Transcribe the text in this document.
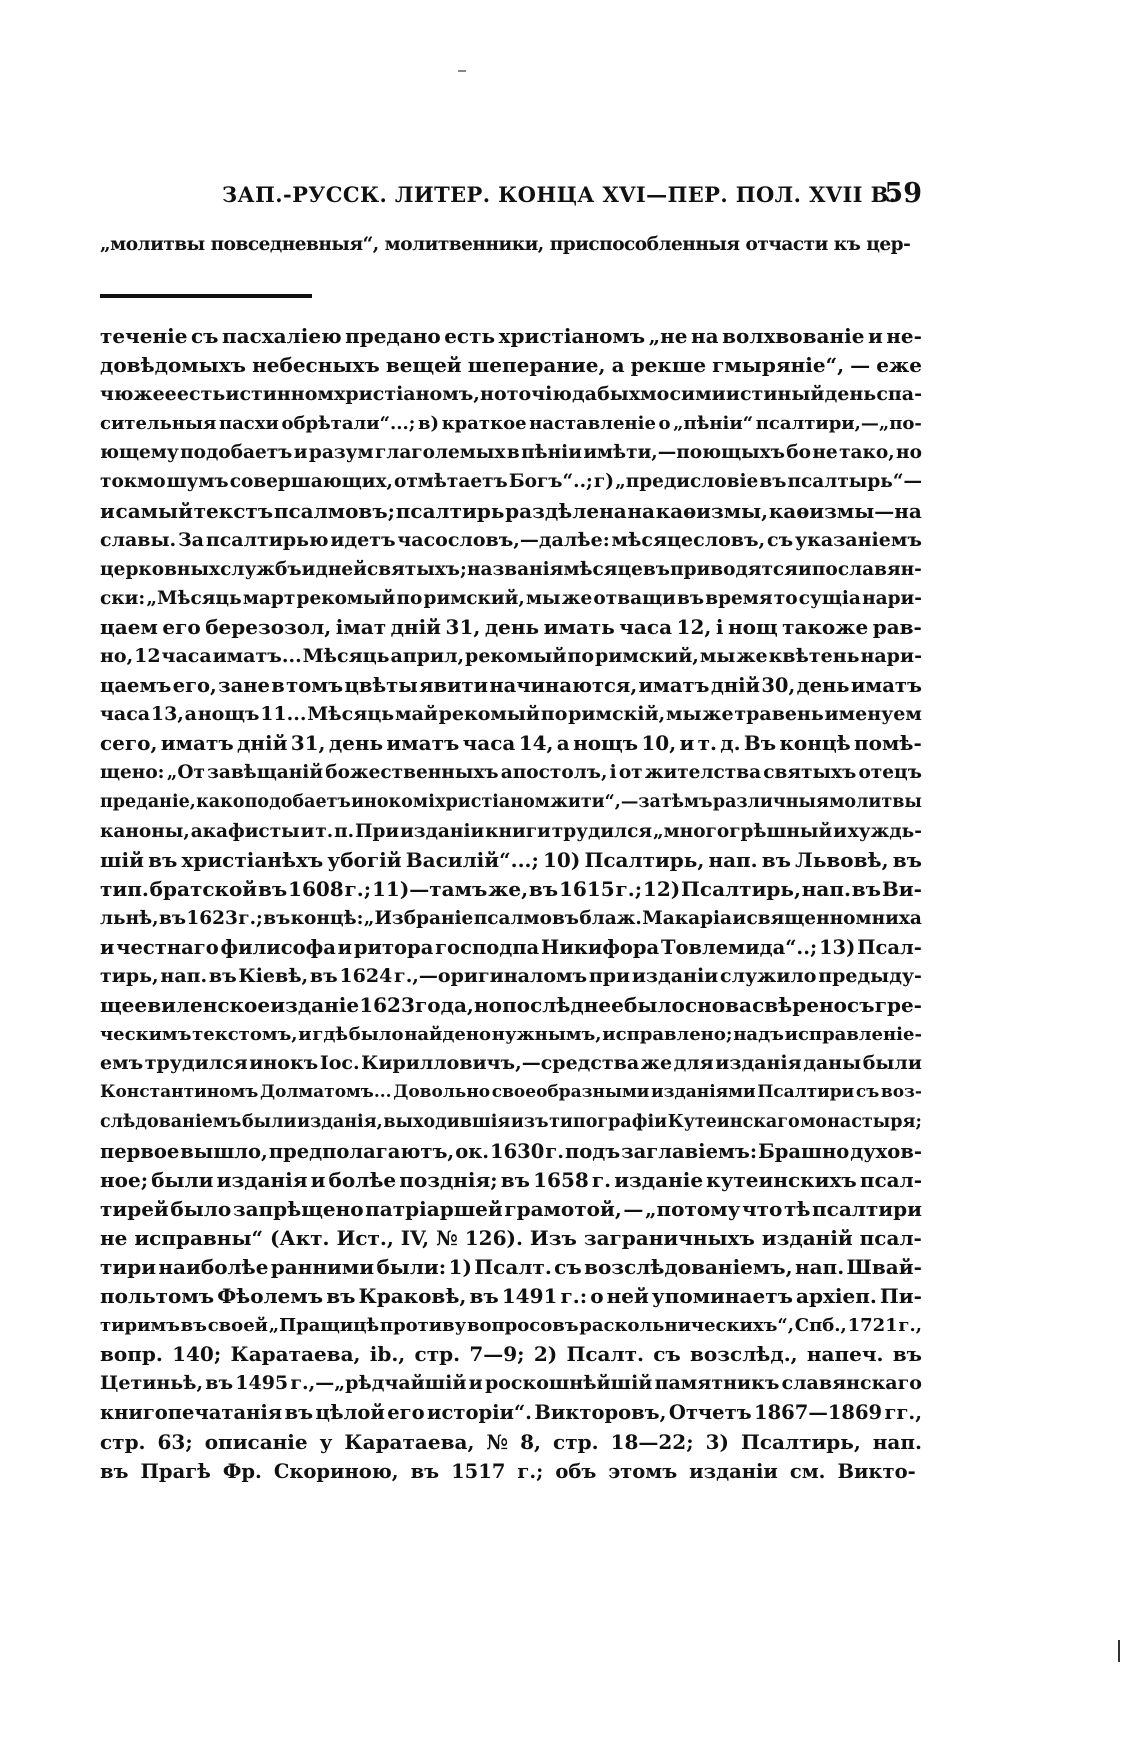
ЗАП.-РУССК. ЛИТЕР. КОНЦА XVI—ПЕР. ПОЛ. XVII В.
59
„молитвы повседневныя“, молитвенники, приспособленныя отчасти къ цер-
теченіе съ пасхаліею предано есть христіаномъ „не на волхвованіе и не-
довѣдомыхъ небесныхъ вещей шеперание, а рекше гмыряніе“, — еже
чюжее есть истинном христіаномъ, но точію да быхмо сими истиный день спа-
сительныя пасхи обрѣтали“...; в) краткое наставленіе о „пѣніи“ псалтири,—„по-
ющему подобаетъ и разум глаголемых в пѣніи имѣти,—поющыхъ бо не тако, но
токмо шумъ совершающих, отмѣтаетъ Богъ“..; г) „предисловіе въ псалтырь“—
и самый текстъ псалмовъ; псалтирь раздѣлена на каѳизмы, каѳизмы—на
славы. За псалтирью идетъ часословъ,—далѣе: мѣсяцесловъ, съ указаніемъ
церковных службъ и дней святыхъ; названія мѣсяцевъ приводятся и по славян-
ски: „Мѣсяць март рекомый по римский, мы же отващи въ время то сущіа нари-
цаем его березозол, імат дній 31, день имать часа 12, і нощ такоже рав-
но, 12 часа иматъ... Мѣсяць април, рекомый по римский, мы же квѣтень нари-
цаемъ его, зане в томъ цвѣты явити начинаются, иматъ дній 30, день иматъ
часа 13, а нощъ 11... Мѣсяць май рекомый по римскій, мы же травень именуем
сего, иматъ дній 31, день иматъ часа 14, а нощъ 10, и т. д. Въ концѣ помѣ-
щено: „От завѣщаній божественныхъ апостолъ, і от жителства святыхъ отецъ
преданіе, како подобаетъ иноком і христіаном жити“,—затѣмъ различныя молитвы
каноны, акафисты и т. п. При изданіи книги трудился „многогрѣшный и хуждь-
шій въ христіанѣхъ убогій Василій“...; 10) Псалтирь, нап. въ Львовѣ, въ
тип. братской въ 1608 г.; 11)—тамъ же, въ 1615 г.; 12) Псалтирь, нап. въ Ви-
льнѣ, въ 1623 г.; въ концѣ: „Избраніе псалмовъ блаж. Макаріа и священномниха
и честнаго филисофа и ритора господпа Никифора Товлемида“..; 13) Псал-
тирь, нап. въ Кіевѣ, въ 1624 г.,—оригиналомъ при изданіи служило предыду-
щее виленское изданіе 1623 года, но послѣднее было снова свѣрено съ гре-
ческимъ текстомъ, и гдѣ было найдено нужнымъ, исправлено; надъ исправленіе-
емъ трудился инокъ Іос. Кирилловичъ,—средства же для изданія даны были
Константиномъ Долматомъ... Довольно своеобразными изданіями Псалтири съ воз-
слѣдованіемъ были изданія, выходившія изъ типографіи Кутеинскаго монастыря;
первое вышло, предполагаютъ, ок. 1630 г. подъ заглавіемъ: Брашно духов-
ное; были изданія и болѣе позднія; въ 1658 г. изданіе кутеинскихъ псал-
тирей было запрѣщено патріаршей грамотой, — „потому что тѣ псалтири
не исправны“ (Акт. Ист., IV, № 126). Изъ заграничныхъ изданій псал-
тири наиболѣе ранними были: 1) Псалт. съ возслѣдованіемъ, нап. Швай-
польтомъ Фѣолемъ въ Краковѣ, въ 1491 г.: о ней упоминаетъ архіеп. Пи-
тиримъ въ своей „Пращицѣ противу вопросовъ раскольническихъ“, Спб., 1721 г.,
вопр. 140; Каратаева, ib., стр. 7—9; 2) Псалт. съ возслѣд., напеч. въ
Цетиньѣ, въ 1495 г.,—„рѣдчайшій и роскошнѣйшій памятникъ славянскаго
книгопечатанія въ цѣлой его исторіи“. Викторовъ, Отчетъ 1867—1869 гг.,
стр. 63; описаніе у Каратаева, № 8, стр. 18—22; 3) Псалтирь, нап.
въ Прагѣ Фр. Скориною, въ 1517 г.; объ этомъ изданіи см. Викто-
